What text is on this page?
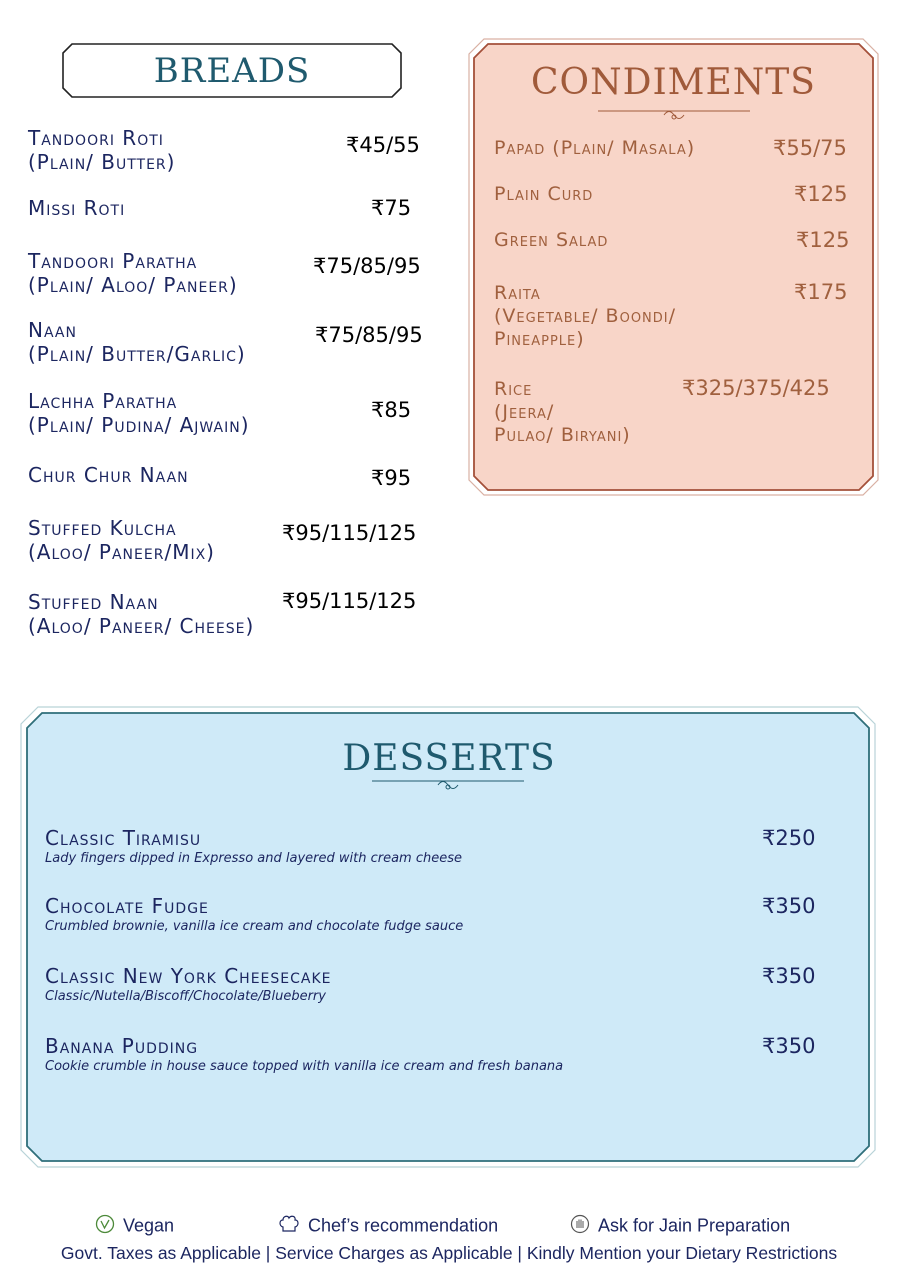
BREADS
Tandoori Roti
(Plain/ Butter)
₹45/55
Missi Roti	₹75
Tandoori Paratha
(Plain/ Aloo/ Paneer)
₹75/85/95
Naan
(Plain/ Butter/Garlic)
₹75/85/95
Lachha Paratha
(Plain/ Pudina/ Ajwain)
₹85
Chur Chur Naan	₹95
Stuffed Kulcha
(Aloo/ Paneer/Mix)
₹95/115/125
Stuffed Naan
(Aloo/ Paneer/ Cheese)
₹95/115/125
CONDIMENTS
Papad (Plain/ Masala)	₹55/75
Plain Curd	₹125
Green Salad	₹125
Raita
(Vegetable/ Boondi/
Pineapple)
₹175
Rice
(Jeera/
Pulao/ Biryani)
₹325/375/425
DESSERTS
Classic Tiramisu
Lady fingers dipped in Expresso and layered with cream cheese
₹250
Chocolate Fudge
Crumbled brownie, vanilla ice cream and chocolate fudge sauce
₹350
Classic New York Cheesecake
Classic/Nutella/Biscoff/Chocolate/Blueberry
₹350
Banana Pudding
Cookie crumble in house sauce topped with vanilla ice cream and fresh banana
₹350
Vegan	Chef’s recommendation	Ask for Jain Preparation
Govt. Taxes as Applicable | Service Charges as Applicable | Kindly Mention your Dietary Restrictions
